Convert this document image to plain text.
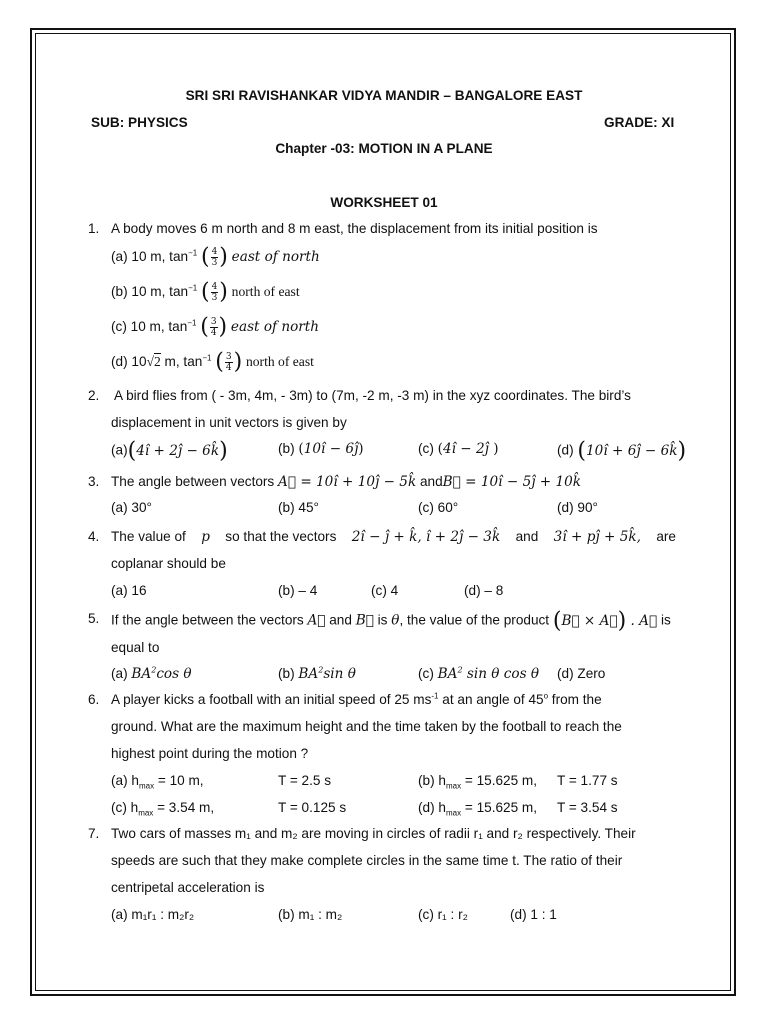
SRI SRI RAVISHANKAR VIDYA MANDIR – BANGALORE EAST
SUB: PHYSICS	GRADE: XI
Chapter -03: MOTION IN A PLANE
WORKSHEET 01
1. A body moves 6 m north and 8 m east, the displacement from its initial position is
(a) 10 m, $\tan^{-1}$ ( $\frac{4}{3}$ ) east of north
(b) 10 m, $\tan^{-1}$ ( $\frac{4}{3}$ ) north of east
(c) 10 m, $\tan^{-1}$ ( $\frac{3}{4}$ ) east of north
(d) 10√2 m, $\tan^{-1}$ ( $\frac{3}{4}$ ) north of east
2. A bird flies from ( - 3m, 4m, - 3m) to (7m, -2 m, -3 m) in the xyz coordinates. The bird’s
displacement in unit vectors is given by
(a)(4î + 2ĵ − 6k̂)	(b) (10î − 6ĵ)	(c) (4î − 2ĵ )	(d) (10î + 6ĵ − 6k̂)
3. The angle between vectors A⃗ = 10î + 10ĵ − 5k̂ andB⃗ = 10î − 5ĵ + 10k̂
(a) 30°	(b) 45°	(c) 60°	(d) 90°
4. The value of p so that the vectors 2î − ĵ + k̂, î + 2ĵ − 3k̂ and 3î + pĵ + 5k̂, are
coplanar should be
(a) 16	(b) – 4	(c) 4	(d) – 8
5. If the angle between the vectors A⃗ and B⃗ is θ, the value of the product (B⃗ × A⃗) . A⃗ is
equal to
(a) $BA^2\cos$ θ	(b) $BA^2\sin$ θ	(c) $BA^2$ sin θ cos θ (d) Zero
6. A player kicks a football with an initial speed of 25 $ms^{-1}$ at an angle of 45$^o$ from the
ground. What are the maximum height and the time taken by the football to reach the
highest point during the motion ?
(a) $h_{max} = 10$ m,	T = 2.5 s	(b) $h_{max} = 15.625$ m, T = 1.77 s
(c) $h_{max} = 3.54$ m,	T = 0.125 s	(d) $h_{max} = 15.625$ m, T = 3.54 s
7. Two cars of masses m₁ and m₂ are moving in circles of radii r₁ and r₂ respectively. Their
speeds are such that they make complete circles in the same time t. The ratio of their
centripetal acceleration is
(a) m₁r₁ : m₂r₂	(b) m₁ : m₂	(c) r₁ : r₂	(d) 1 : 1
